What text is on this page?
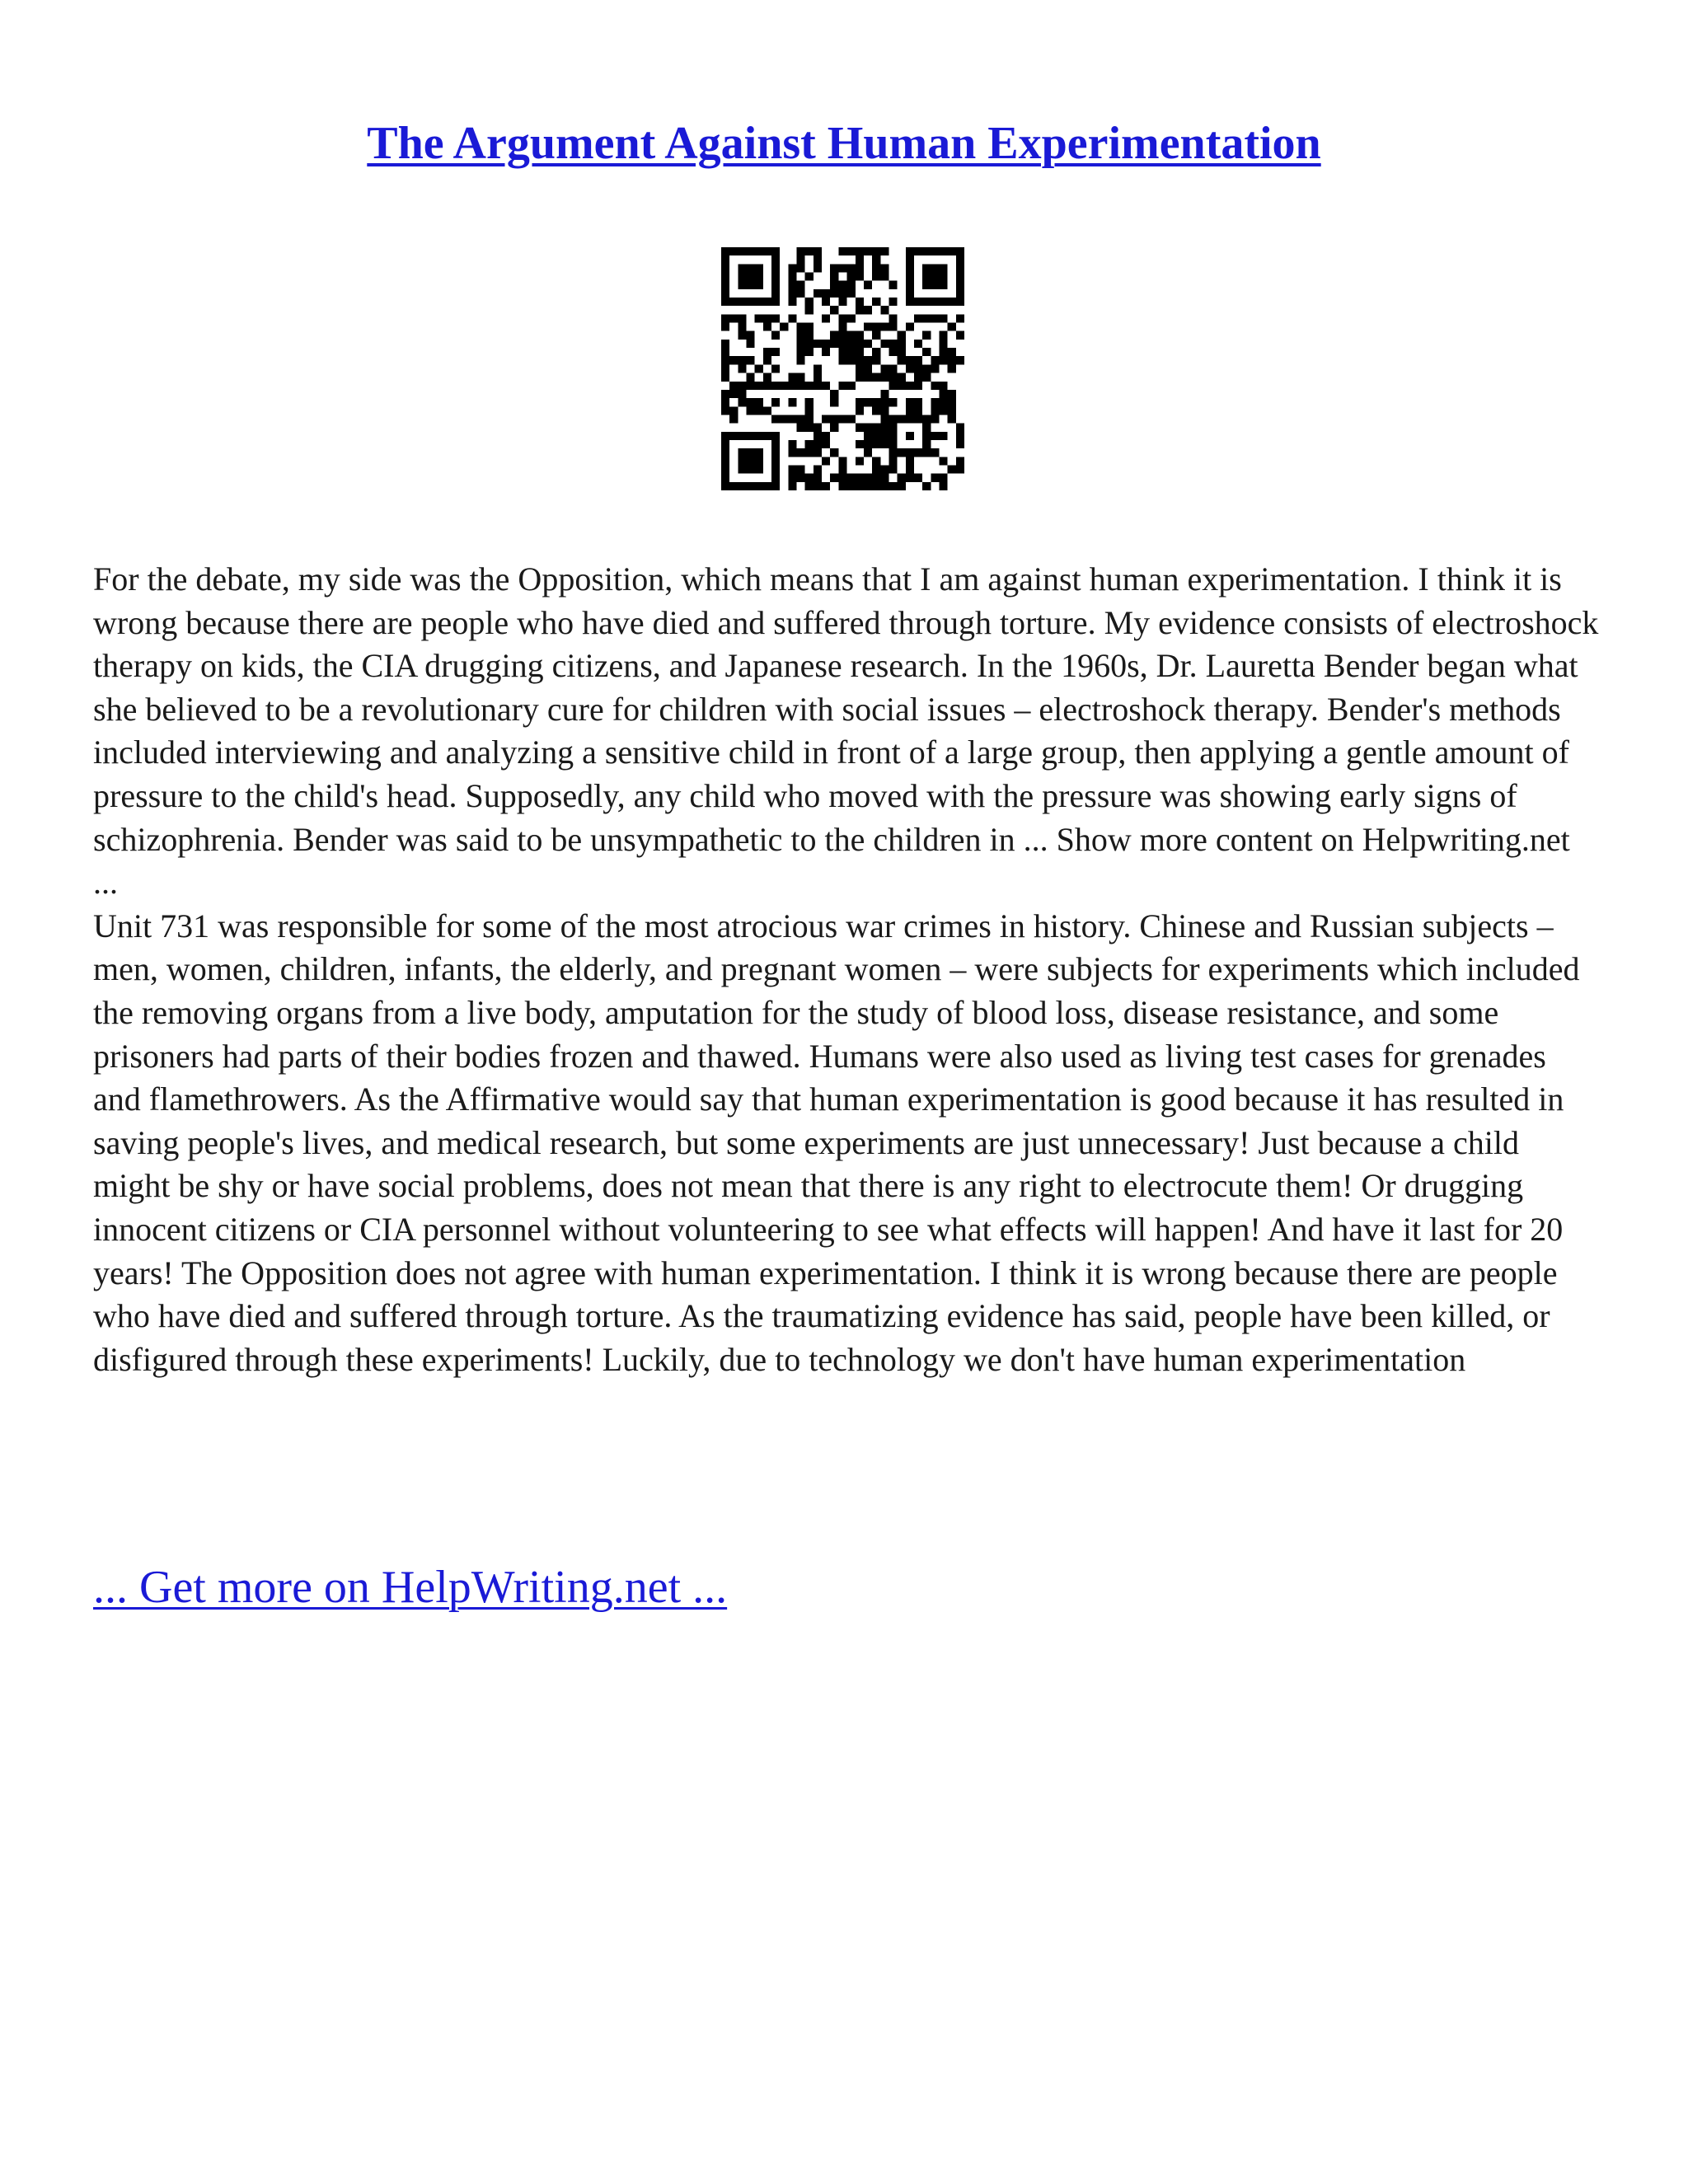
The Argument Against Human Experimentation

For the debate, my side was the Opposition, which means that I am against human experimentation. I think it is wrong because there are people who have died and suffered through torture. My evidence consists of electroshock therapy on kids, the CIA drugging citizens, and Japanese research. In the 1960s, Dr. Lauretta Bender began what she believed to be a revolutionary cure for children with social issues – electroshock therapy. Bender's methods included interviewing and analyzing a sensitive child in front of a large group, then applying a gentle amount of pressure to the child's head. Supposedly, any child who moved with the pressure was showing early signs of schizophrenia. Bender was said to be unsympathetic to the children in ... Show more content on Helpwriting.net ...

Unit 731 was responsible for some of the most atrocious war crimes in history. Chinese and Russian subjects – men, women, children, infants, the elderly, and pregnant women – were subjects for experiments which included the removing organs from a live body, amputation for the study of blood loss, disease resistance, and some prisoners had parts of their bodies frozen and thawed. Humans were also used as living test cases for grenades and flamethrowers. As the Affirmative would say that human experimentation is good because it has resulted in saving people's lives, and medical research, but some experiments are just unnecessary! Just because a child might be shy or have social problems, does not mean that there is any right to electrocute them! Or drugging innocent citizens or CIA personnel without volunteering to see what effects will happen! And have it last for 20 years! The Opposition does not agree with human experimentation. I think it is wrong because there are people who have died and suffered through torture. As the traumatizing evidence has said, people have been killed, or disfigured through these experiments! Luckily, due to technology we don't have human experimentation

... Get more on HelpWriting.net ...
